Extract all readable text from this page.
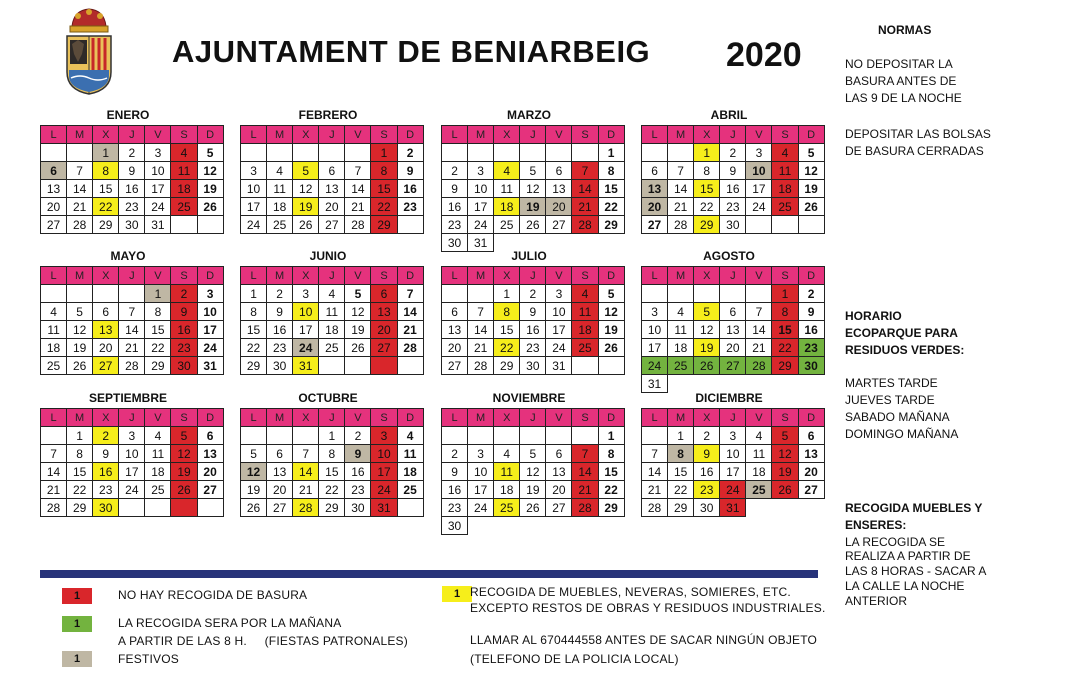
AJUNTAMENT DE BENIARBEIG 2020
ENERO
L	M	X	J	V	S	D
		1	2	3	4	5
6	7	8	9	10	11	12
13	14	15	16	17	18	19
20	21	22	23	24	25	26
27	28	29	30	31		
FEBRERO
L	M	X	J	V	S	D
					1	2
3	4	5	6	7	8	9
10	11	12	13	14	15	16
17	18	19	20	21	22	23
24	25	26	27	28	29	
MARZO
L	M	X	J	V	S	D
						1
2	3	4	5	6	7	8
9	10	11	12	13	14	15
16	17	18	19	20	21	22
23	24	25	26	27	28	29
30	31					
ABRIL
L	M	X	J	V	S	D
		1	2	3	4	5
6	7	8	9	10	11	12
13	14	15	16	17	18	19
20	21	22	23	24	25	26
27	28	29	30			
MAYO
L	M	X	J	V	S	D
				1	2	3
4	5	6	7	8	9	10
11	12	13	14	15	16	17
18	19	20	21	22	23	24
25	26	27	28	29	30	31
JUNIO
L	M	X	J	V	S	D
1	2	3	4	5	6	7
8	9	10	11	12	13	14
15	16	17	18	19	20	21
22	23	24	25	26	27	28
29	30	31				
JULIO
L	M	X	J	V	S	D
		1	2	3	4	5
6	7	8	9	10	11	12
13	14	15	16	17	18	19
20	21	22	23	24	25	26
27	28	29	30	31		
AGOSTO
L	M	X	J	V	S	D
					1	2
3	4	5	6	7	8	9
10	11	12	13	14	15	16
17	18	19	20	21	22	23
24	25	26	27	28	29	30
31						
SEPTIEMBRE
L	M	X	J	V	S	D
	1	2	3	4	5	6
7	8	9	10	11	12	13
14	15	16	17	18	19	20
21	22	23	24	25	26	27
28	29	30				
OCTUBRE
L	M	X	J	V	S	D
			1	2	3	4
5	6	7	8	9	10	11
12	13	14	15	16	17	18
19	20	21	22	23	24	25
26	27	28	29	30	31	
NOVIEMBRE
L	M	X	J	V	S	D
						1
2	3	4	5	6	7	8
9	10	11	12	13	14	15
16	17	18	19	20	21	22
23	24	25	26	27	28	29
30						
DICIEMBRE
L	M	X	J	V	S	D
	1	2	3	4	5	6
7	8	9	10	11	12	13
14	15	16	17	18	19	20
21	22	23	24	25	26	27
28	29	30	31			
NORMAS
NO DEPOSITAR LA
BASURA ANTES DE
LAS 9 DE LA NOCHE
DEPOSITAR LAS BOLSAS
DE BASURA CERRADAS
HORARIO
ECOPARQUE PARA
RESIDUOS VERDES:
MARTES TARDE
JUEVES TARDE
SABADO MAÑANA
DOMINGO MAÑANA
RECOGIDA MUEBLES Y
ENSERES:
LA RECOGIDA SE
REALIZA A PARTIR DE
LAS 8 HORAS - SACAR A
LA CALLE LA NOCHE
ANTERIOR
1	NO HAY RECOGIDA DE BASURA
1	LA RECOGIDA SERA POR LA MAÑANA
A PARTIR DE LAS 8 H.     (FIESTAS PATRONALES)
1	FESTIVOS
1 RECOGIDA DE MUEBLES, NEVERAS, SOMIERES, ETC.
EXCEPTO RESTOS DE OBRAS Y RESIDUOS INDUSTRIALES.
LLAMAR AL 670444558 ANTES DE SACAR NINGÚN OBJETO
(TELEFONO DE LA POLICIA LOCAL)
